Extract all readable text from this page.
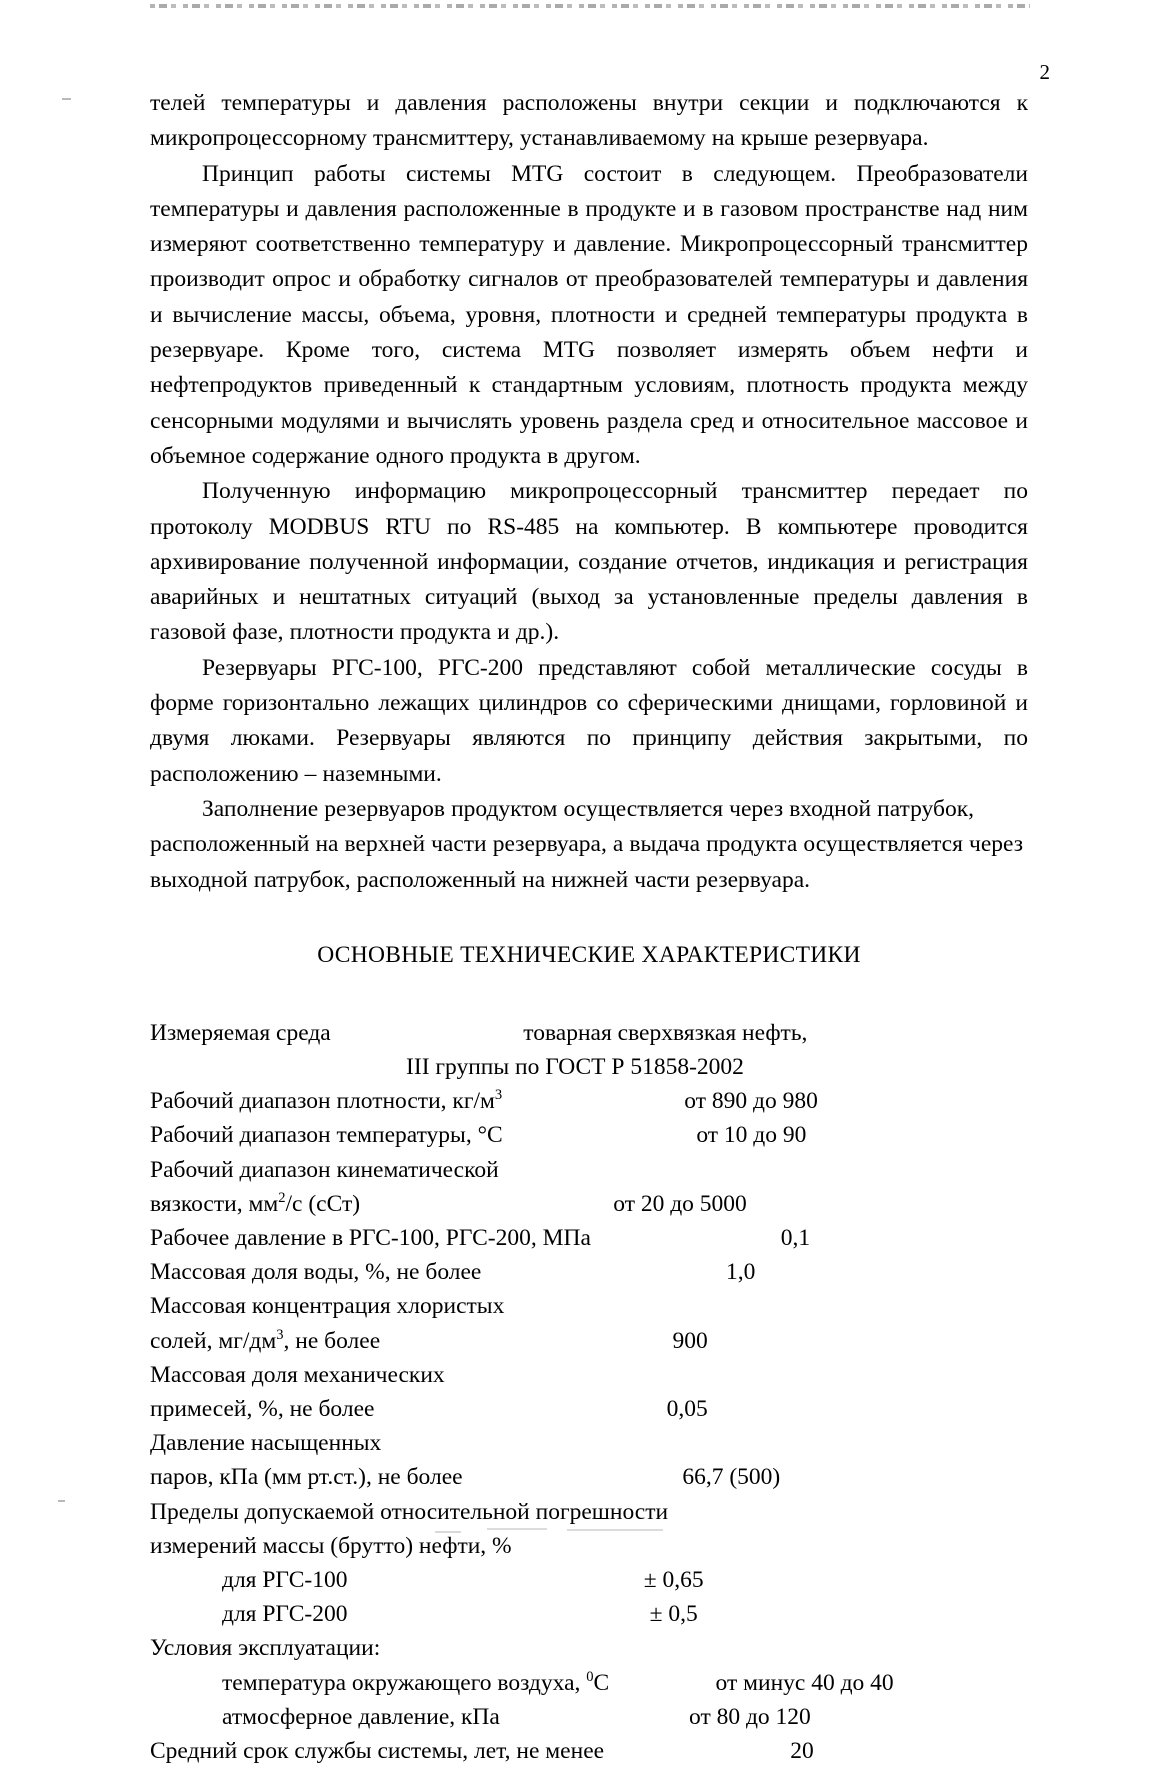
2

телей температуры и давления расположены внутри секции и подключаются к микропроцессорному трансмиттеру, устанавливаемому на крыше резервуара.

Принцип работы системы MTG состоит в следующем. Преобразователи температуры и давления расположенные в продукте и в газовом пространстве над ним измеряют соответственно температуру и давление. Микропроцессорный трансмиттер производит опрос и обработку сигналов от преобразователей температуры и давления и вычисление массы, объема, уровня, плотности и средней температуры продукта в резервуаре. Кроме того, система MTG позволяет измерять объем нефти и нефтепродуктов приведенный к стандартным условиям, плотность продукта между сенсорными модулями и вычислять уровень раздела сред и относительное массовое и объемное содержание одного продукта в другом.

Полученную информацию микропроцессорный трансмиттер передает по протоколу MODBUS RTU по RS-485 на компьютер. В компьютере проводится архивирование полученной информации, создание отчетов, индикация и регистрация аварийных и нештатных ситуаций (выход за установленные пределы давления в газовой фазе, плотности продукта и др.).

Резервуары РГС-100, РГС-200 представляют собой металлические сосуды в форме горизонтально лежащих цилиндров со сферическими днищами, горловиной и двумя люками. Резервуары являются по принципу действия закрытыми, по расположению – наземными.

Заполнение резервуаров продуктом осуществляется через входной патрубок, расположенный на верхней части резервуара, а выдача продукта осуществляется через выходной патрубок, расположенный на нижней части резервуара.

ОСНОВНЫЕ ТЕХНИЧЕСКИЕ ХАРАКТЕРИСТИКИ
Измеряемая среда	товарная сверхвязкая нефть,
III группы по ГОСТ Р 51858-2002
Рабочий диапазон плотности, $кг/м^3$	от 890 до 980
Рабочий диапазон температуры, °С	от 10 до 90
Рабочий диапазон кинематической
вязкости, $мм^2/с$ (сСт)	от 20 до 5000
Рабочее давление в РГС-100, РГС-200, МПа	0,1
Массовая доля воды, %, не более	1,0
Массовая концентрация хлористых
солей, $мг/дм^3$, не более	900
Массовая доля механических
примесей, %, не более	0,05
Давление насыщенных
паров, кПа (мм рт.ст.), не более	66,7 (500)
Пределы допускаемой относительной погрешности
измерений массы (брутто) нефти, %
для РГС-100	± 0,65
для РГС-200	± 0,5
Условия эксплуатации:
температура окружающего воздуха, $^0$С	от минус 40 до 40
атмосферное давление, кПа	от 80 до 120
Средний срок службы системы, лет, не менее	20
